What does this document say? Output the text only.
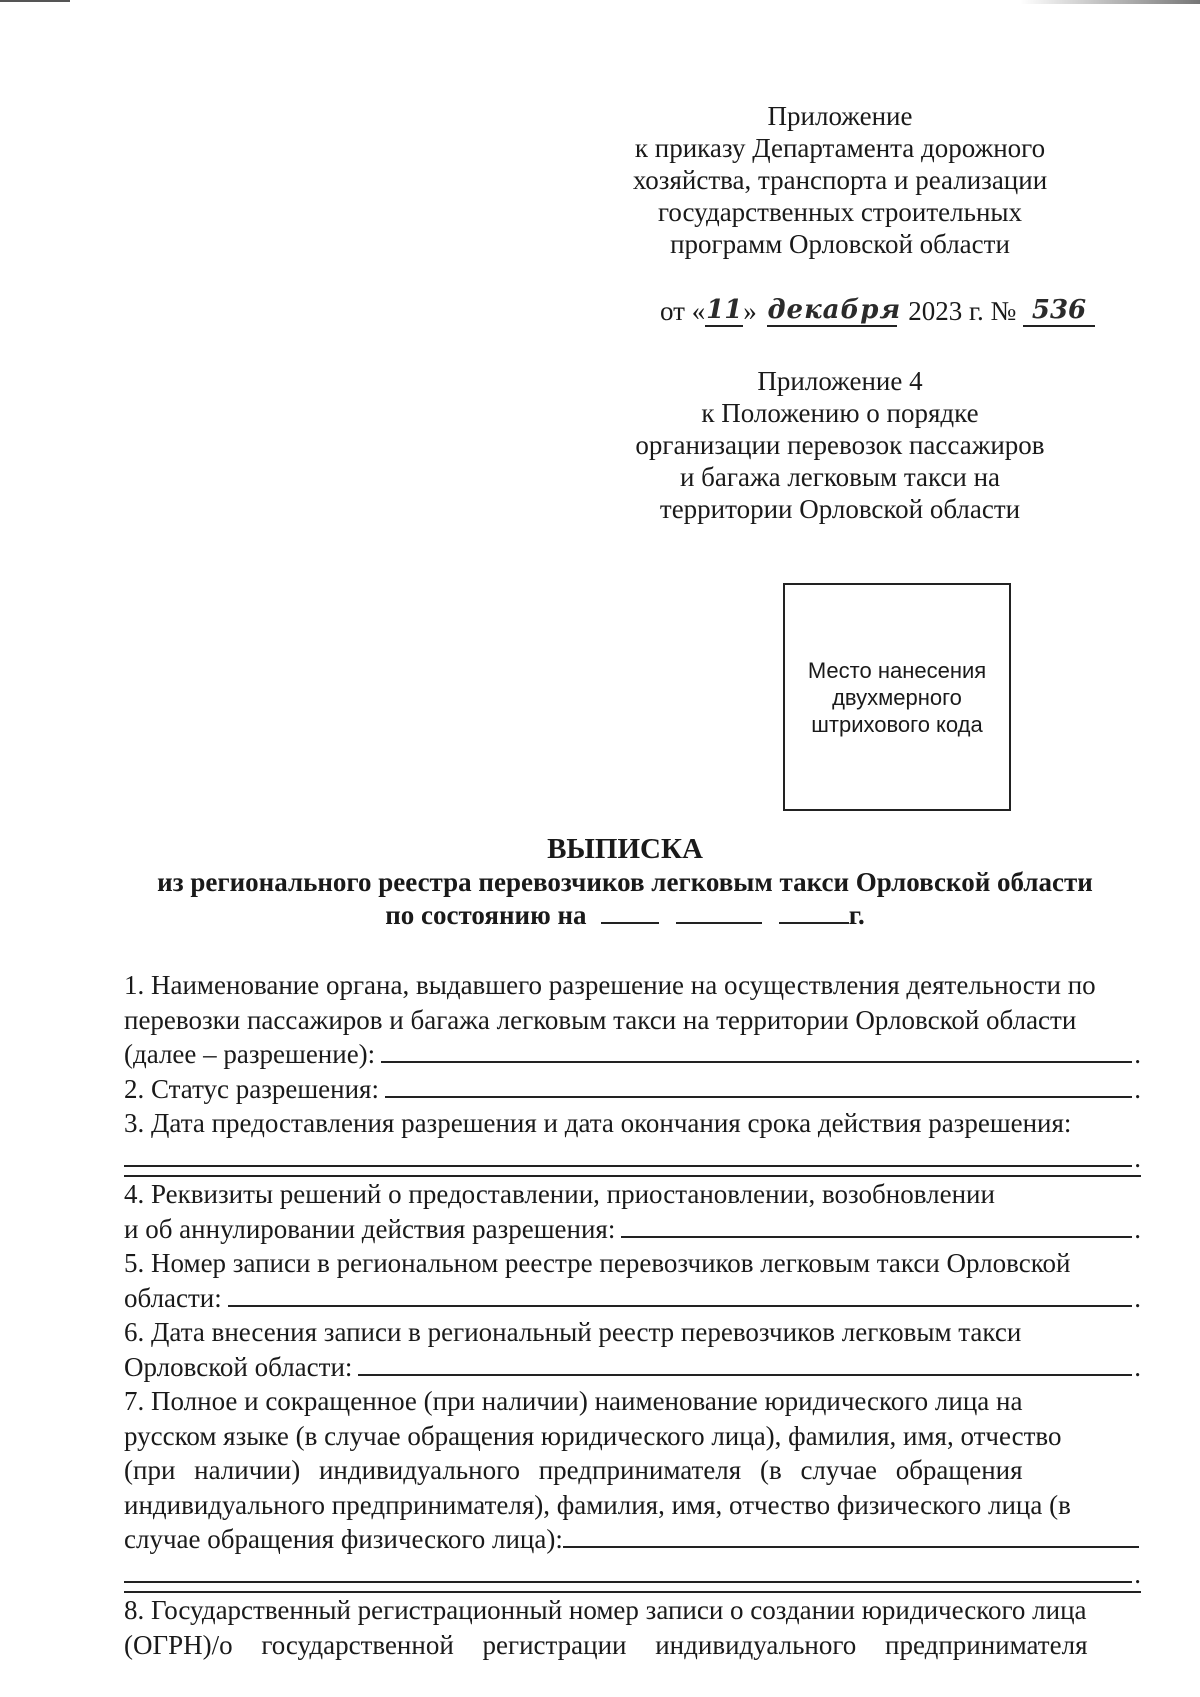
Приложение
к приказу Департамента дорожного
хозяйства, транспорта и реализации
государственных строительных
программ Орловской области
от «11» декабря 2023 г. № 536
Приложение 4
к Положению о порядке
организации перевозок пассажиров
и багажа легковым такси на
территории Орловской области
Место нанесения
двухмерного
штрихового кода
ВЫПИСКА
из регионального реестра перевозчиков легковым такси Орловской области
по состоянию на	г.
1. Наименование органа, выдавшего разрешение на осуществления деятельности по
перевозки пассажиров и багажа легковым такси на территории Орловской области
(далее – разрешение):	.
2. Статус разрешения:	.
3. Дата предоставления разрешения и дата окончания срока действия разрешения:
.
4. Реквизиты решений о предоставлении, приостановлении, возобновлении
и об аннулировании действия разрешения:	.
5. Номер записи в региональном реестре перевозчиков легковым такси Орловской
области:	.
6. Дата внесения записи в региональный реестр перевозчиков легковым такси
Орловской области:	.
7. Полное и сокращенное (при наличии) наименование юридического лица на
русском языке (в случае обращения юридического лица), фамилия, имя, отчество
(при наличии) индивидуального предпринимателя (в случае обращения
индивидуального предпринимателя), фамилия, имя, отчество физического лица (в
случае обращения физического лица):
.
8. Государственный регистрационный номер записи о создании юридического лица
(ОГРН)/о государственной регистрации индивидуального предпринимателя
